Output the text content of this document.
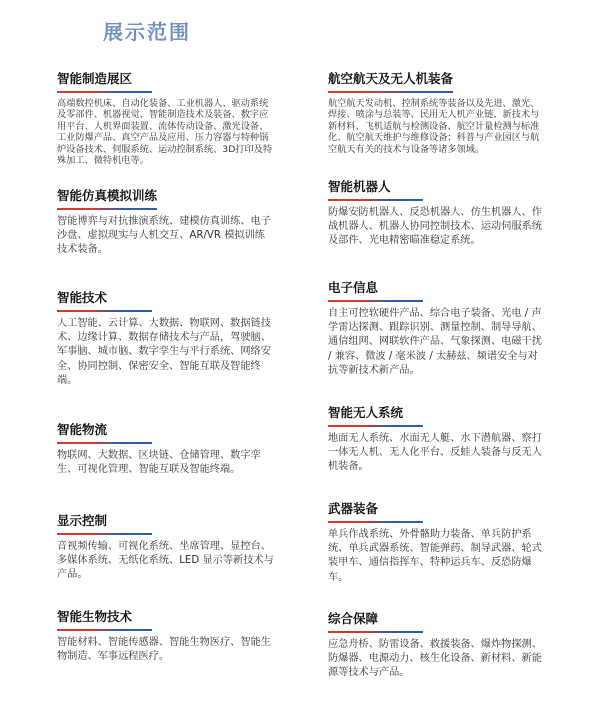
展示范围
智能制造展区
高端数控机床、自动化装备、工业机器人、驱动系统及零部件、机器视觉、智能制造技术及装备、数字应用平台、人机界面装置、流体传动设备、激光设备、工业防爆产品、真空产品及应用、压力容器与特种锅炉设备技术、伺服系统、运动控制系统、3D打印及特殊加工、微特机电等。
智能仿真模拟训练
智能博弈与对抗推演系统、建模仿真训练、电子沙盘、虚拟现实与人机交互、AR/VR 模拟训练技术装备。
智能技术
人工智能、云计算、大数据、物联网、数据链技术、边缘计算、数据存储技术与产品，驾驶脑、军事脑、城市脑、数字孪生与平行系统、网络安全、协同控制、保密安全、智能互联及智能终端。
智能物流
物联网、大数据、区块链、仓储管理、数字孪生、可视化管理、智能互联及智能终端。
显示控制
音视频传输、可视化系统、坐席管理、显控台、多媒体系统、无纸化系统、LED 显示等新技术与产品。
智能生物技术
智能材料、智能传感器、智能生物医疗、智能生物制造、军事远程医疗。
航空航天及无人机装备
航空航天发动机、控制系统等装备以及先进、激光、焊接、喷涂与总装等、民用无人机产业链、新技术与新材料、飞机适航与检测设备、航空计量检测与标准化、航空航天维护与维修设备；科普与产业园区与航空航天有关的技术与设备等诸多领域。
智能机器人
防爆安防机器人、反恐机器人、仿生机器人、作战机器人、机器人协同控制技术、运动伺服系统及部件、光电精密瞄准稳定系统。
电子信息
自主可控软硬件产品、综合电子装备、光电 / 声学雷达探测、跟踪识别、测量控制、制导导航、通信组网、网联软件产品、气象探测、电磁干扰 / 兼容、微波 / 毫米波 / 太赫兹、频谱安全与对抗等新技术新产品。
智能无人系统
地面无人系统、水面无人艇、水下潜航器、察打一体无人机、无人化平台、反蛙人装备与反无人机装备。
武器装备
单兵作战系统、外骨骼助力装备、单兵防护系统、单兵武器系统、智能弹药、制导武器、轮式装甲车、通信指挥车、特种运兵车、反恐防爆车。
综合保障
应急舟桥、防雷设备、救援装备、爆炸物探测、防爆器、电源动力、核生化设备、新材料、新能源等技术与产品。
